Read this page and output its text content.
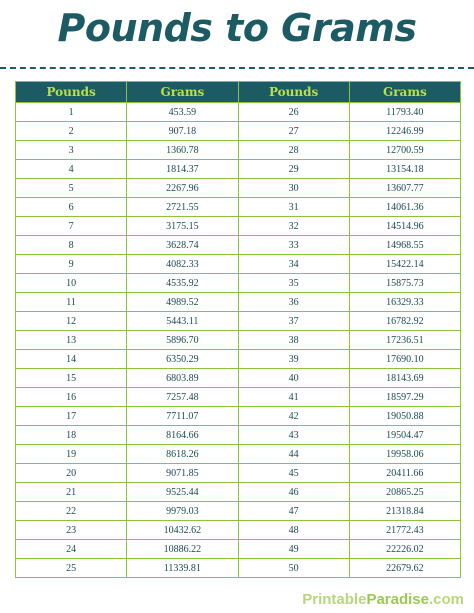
Pounds to Grams
Pounds	Grams	Pounds	Grams
1	453.59	26	11793.40
2	907.18	27	12246.99
3	1360.78	28	12700.59
4	1814.37	29	13154.18
5	2267.96	30	13607.77
6	2721.55	31	14061.36
7	3175.15	32	14514.96
8	3628.74	33	14968.55
9	4082.33	34	15422.14
10	4535.92	35	15875.73
11	4989.52	36	16329.33
12	5443.11	37	16782.92
13	5896.70	38	17236.51
14	6350.29	39	17690.10
15	6803.89	40	18143.69
16	7257.48	41	18597.29
17	7711.07	42	19050.88
18	8164.66	43	19504.47
19	8618.26	44	19958.06
20	9071.85	45	20411.66
21	9525.44	46	20865.25
22	9979.03	47	21318.84
23	10432.62	48	21772.43
24	10886.22	49	22226.02
25	11339.81	50	22679.62
PrintableParadise.com
